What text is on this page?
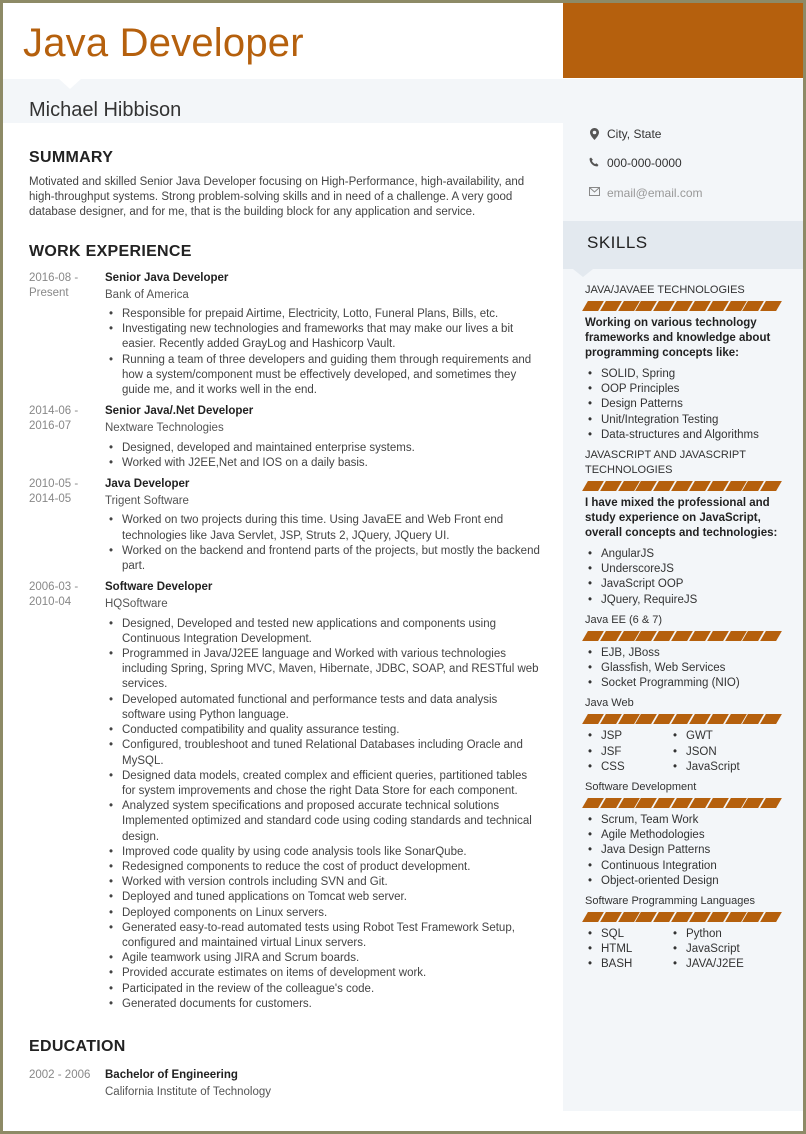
Java Developer
Michael Hibbison
City, State
000-000-0000
email@email.com
SKILLS
JAVA/JAVAEE TECHNOLOGIES
Working on various technology frameworks and knowledge about programming concepts like:
• SOLID, Spring
• OOP Principles
• Design Patterns
• Unit/Integration Testing
• Data-structures and Algorithms
JAVASCRIPT AND JAVASCRIPT TECHNOLOGIES
I have mixed the professional and study experience on JavaScript, overall concepts and technologies:
• AngularJS
• UnderscoreJS
• JavaScript OOP
• JQuery, RequireJS
Java EE (6 & 7)
• EJB, JBoss
• Glassfish, Web Services
• Socket Programming (NIO)
Java Web
• JSP	• GWT
• JSF	• JSON
• CSS	• JavaScript
Software Development
• Scrum, Team Work
• Agile Methodologies
• Java Design Patterns
• Continuous Integration
• Object-oriented Design
Software Programming Languages
• SQL	• Python
• HTML	• JavaScript
• BASH	• JAVA/J2EE
SUMMARY

Motivated and skilled Senior Java Developer focusing on High-Performance, high-availability, and high-throughput systems. Strong problem-solving skills and in need of a challenge. A very good database designer, and for me, that is the building block for any application and service.

WORK EXPERIENCE
2016-08 -
Present
Senior Java Developer
Bank of America
• Responsible for prepaid Airtime, Electricity, Lotto, Funeral Plans, Bills, etc.
• Investigating new technologies and frameworks that may make our lives a bit easier. Recently added GrayLog and Hashicorp Vault.
• Running a team of three developers and guiding them through requirements and how a system/component must be effectively developed, and sometimes they guide me, and it works well in the end.
2014-06 -
2016-07
Senior Java/.Net Developer
Nextware Technologies
• Designed, developed and maintained enterprise systems.
• Worked with J2EE,Net and IOS on a daily basis.
2010-05 -
2014-05
Java Developer
Trigent Software
• Worked on two projects during this time. Using JavaEE and Web Front end technologies like Java Servlet, JSP, Struts 2, JQuery, JQuery UI.
• Worked on the backend and frontend parts of the projects, but mostly the backend part.
2006-03 -
2010-04
Software Developer
HQSoftware
• Designed, Developed and tested new applications and components using Continuous Integration Development.
• Programmed in Java/J2EE language and Worked with various technologies including Spring, Spring MVC, Maven, Hibernate, JDBC, SOAP, and RESTful web services.
• Developed automated functional and performance tests and data analysis software using Python language.
• Conducted compatibility and quality assurance testing.
• Configured, troubleshoot and tuned Relational Databases including Oracle and MySQL.
• Designed data models, created complex and efficient queries, partitioned tables for system improvements and chose the right Data Store for each component.
• Analyzed system specifications and proposed accurate technical solutions Implemented optimized and standard code using coding standards and technical design.
• Improved code quality by using code analysis tools like SonarQube.
• Redesigned components to reduce the cost of product development.
• Worked with version controls including SVN and Git.
• Deployed and tuned applications on Tomcat web server.
• Deployed components on Linux servers.
• Generated easy-to-read automated tests using Robot Test Framework Setup, configured and maintained virtual Linux servers.
• Agile teamwork using JIRA and Scrum boards.
• Provided accurate estimates on items of development work.
• Participated in the review of the colleague's code.
• Generated documents for customers.
EDUCATION
2002 - 2006	Bachelor of Engineering
California Institute of Technology
